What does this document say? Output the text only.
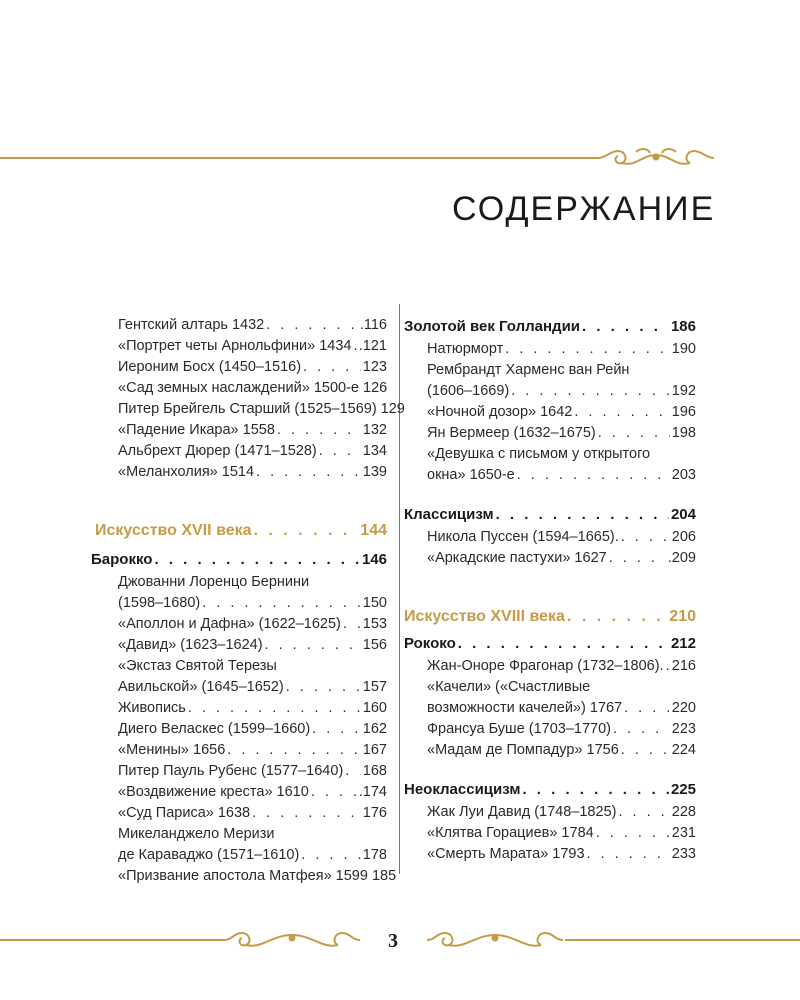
СОДЕРЖАНИЕ
Гентский алтарь 1432 . . .	.116
«Портрет четы Арнольфини» 1434 . . . .121
Иероним Босх (1450–1516) . . .	123
«Сад земных наслаждений» 1500-е 126
Питер Брейгель Старший (1525–1569) 129
«Падение Икара» 1558 . . .	132
Альбрехт Дюрер (1471–1528) . . .	134
«Меланхолия» 1514 . . .	139
Искусство XVII века . . .	144
Барокко . . .	146
Джованни Лоренцо Бернини
(1598–1680) . . .	150
«Аполлон и Дафна» (1622–1625) . . . 153
«Давид» (1623–1624) . . .	156
«Экстаз Святой Терезы
Авильской» (1645–1652) . . .	157
Живопись . . .	160
Диего Веласкес (1599–1660) . . .	162
«Менины» 1656 . . .	167
Питер Пауль Рубенс (1577–1640) . . . 168
«Воздвижение креста» 1610 . . .	.174
«Суд Париса» 1638 . . .	176
Микеланджело Меризи
де Караваджо (1571–1610) . . .	178
«Призвание апостола Матфея» 1599 185
Золотой век Голландии . . .	186
Натюрморт . . .	190
Рембрандт Харменс ван Рейн
(1606–1669) . . .	192
«Ночной дозор» 1642 . . .	196
Ян Вермеер (1632–1675) . . .	198
«Девушка с письмом у открытого
окна» 1650-е . . .	203
Классицизм . . .	204
Никола Пуссен (1594–1665). . . .	206
«Аркадские пастухи» 1627 . . .	.209
Искусство XVIII века . . .	210
Рококо . . .	212
Жан-Оноре Фрагонар (1732–1806). . . . 216
«Качели» («Счастливые
возможности качелей») 1767 . . .	220
Франсуа Буше (1703–1770) . . .	223
«Мадам де Помпадур» 1756 . . .	224
Неоклассицизм . . .	225
Жак Луи Давид (1748–1825) . . .	228
«Клятва Горациев» 1784 . . .	231
«Смерть Марата» 1793 . . .	233
3
